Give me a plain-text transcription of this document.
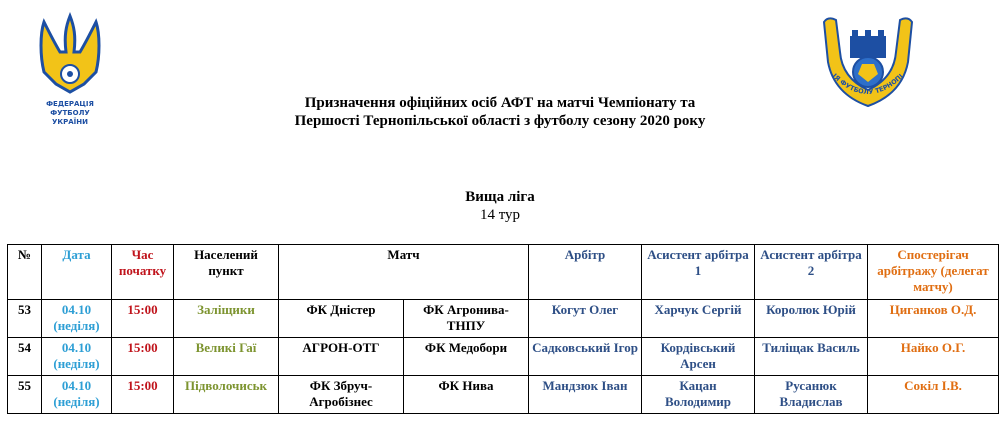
ФЕДЕРАЦІЯ
ФУТБОЛУ
УКРАЇНИ
ІЯ ФУТБОЛУ ТЕРНОПІ
Призначення офіційних осіб АФТ на матчі Чемпіонату та
Першості Тернопільської області з футболу сезону 2020 року
Вища ліга
14 тур
№	Дата	Час початку	Населений пункт	Матч		Арбітр	Асистент арбітра 1	Асистент арбітра 2	Спостерігач арбітражу (делегат матчу)
53	04.10 (неділя)	15:00	Заліщики	ФК Дністер	ФК Агронива-ТНПУ	Когут Олег	Харчук Сергій	Королюк Юрій	Циганков О.Д.
54	04.10 (неділя)	15:00	Великі Гаї	АГРОН-ОТГ	ФК Медобори	Садковський Ігор	Кордівський Арсен	Тиліщак Василь	Найко О.Г.
55	04.10 (неділя)	15:00	Підволочиськ	ФК Збруч-Агробізнес	ФК Нива	Мандзюк Іван	Кацан Володимир	Русанюк Владислав	Сокіл І.В.
